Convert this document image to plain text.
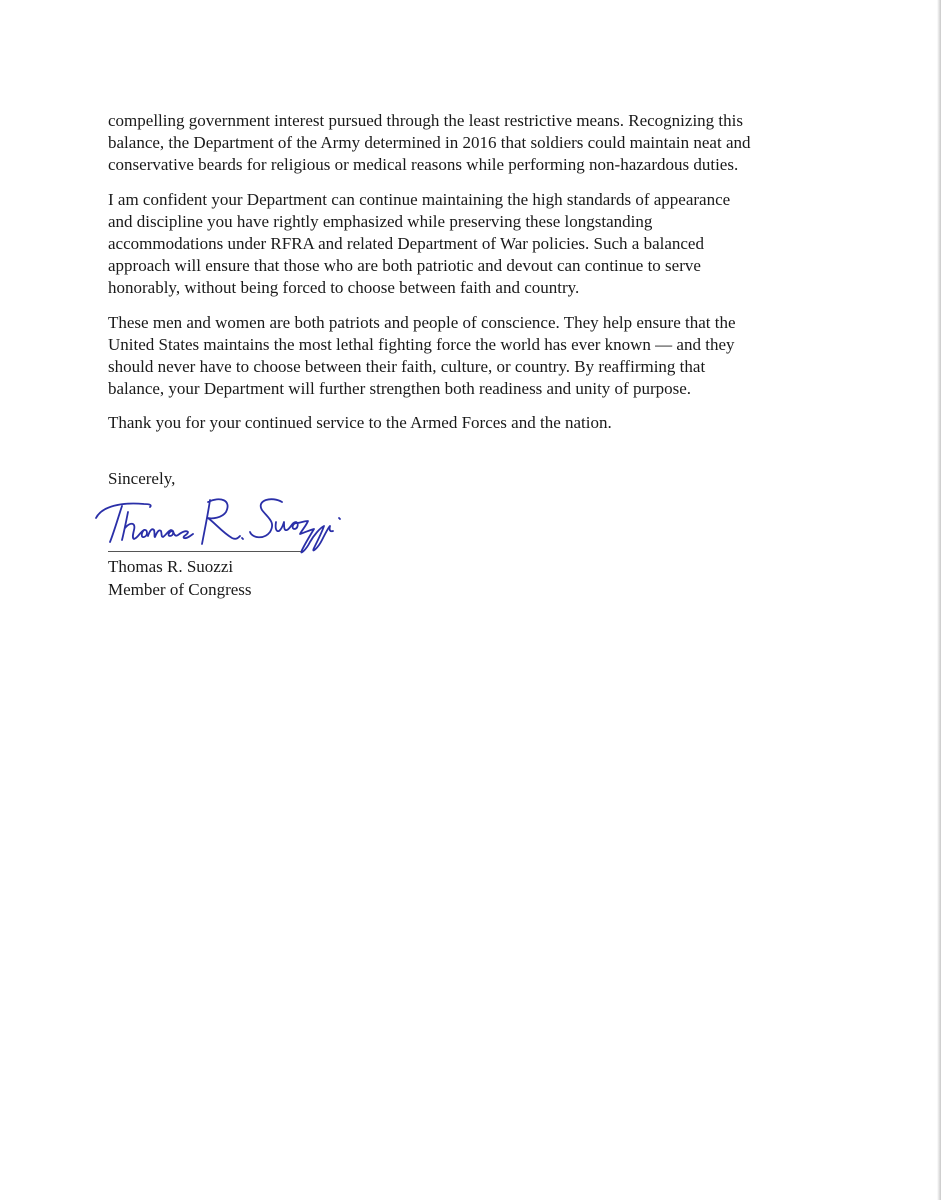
compelling government interest pursued through the least restrictive means. Recognizing this
balance, the Department of the Army determined in 2016 that soldiers could maintain neat and
conservative beards for religious or medical reasons while performing non-hazardous duties.

I am confident your Department can continue maintaining the high standards of appearance
and discipline you have rightly emphasized while preserving these longstanding
accommodations under RFRA and related Department of War policies. Such a balanced
approach will ensure that those who are both patriotic and devout can continue to serve
honorably, without being forced to choose between faith and country.

These men and women are both patriots and people of conscience. They help ensure that the
United States maintains the most lethal fighting force the world has ever known — and they
should never have to choose between their faith, culture, or country. By reaffirming that
balance, your Department will further strengthen both readiness and unity of purpose.

Thank you for your continued service to the Armed Forces and the nation.

Sincerely,
Thomas R. Suozzi
Member of Congress
